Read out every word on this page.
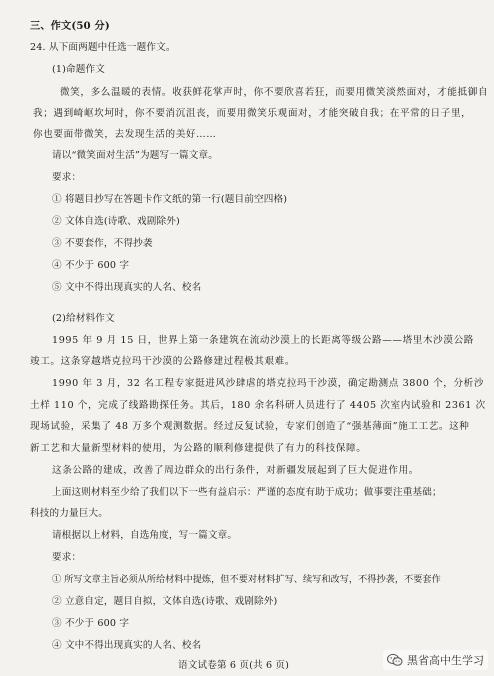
三、作文(50 分)
24. 从下面两题中任选一题作文。
(1)命题作文
微笑，多么温暖的表情。收获鲜花掌声时，你不要欣喜若狂，而要用微笑淡然面对，才能抵御自
我；遇到崎岖坎坷时，你不要消沉沮丧，而要用微笑乐观面对，才能突破自我；在平常的日子里，
你也要面带微笑，去发现生活的美好……
请以“微笑面对生活”为题写一篇文章。
要求：
① 将题目抄写在答题卡作文纸的第一行(题目前空四格)
② 文体自选(诗歌、戏剧除外)
③ 不要套作，不得抄袭
④ 不少于 600 字
⑤ 文中不得出现真实的人名、校名
(2)给材料作文
1995 年 9 月 15 日，世界上第一条建筑在流动沙漠上的长距离等级公路——塔里木沙漠公路
竣工。这条穿越塔克拉玛干沙漠的公路修建过程极其艰难。
1990 年 3 月，32 名工程专家挺进风沙肆虐的塔克拉玛干沙漠，确定勘测点 3800 个，分析沙
土样 110 个，完成了线路勘探任务。其后，180 余名科研人员进行了 4405 次室内试验和 2361 次
现场试验，采集了 48 万多个观测数据。经过反复试验，专家们创造了“强基薄面”施工工艺。这种
新工艺和大量新型材料的使用，为公路的顺利修建提供了有力的科技保障。
这条公路的建成，改善了周边群众的出行条件，对新疆发展起到了巨大促进作用。
上面这则材料至少给了我们以下一些有益启示：严谨的态度有助于成功；做事要注重基础；
科技的力量巨大。
请根据以上材料，自选角度，写一篇文章。
要求：
① 所写文章主旨必须从所给材料中提炼，但不要对材料扩写、续写和改写，不得抄袭，不要套作
② 立意自定，题目自拟，文体自选(诗歌、戏剧除外)
③ 不少于 600 字
④ 文中不得出现真实的人名、校名
语文试卷第 6 页(共 6 页)	黑省高中生学习
